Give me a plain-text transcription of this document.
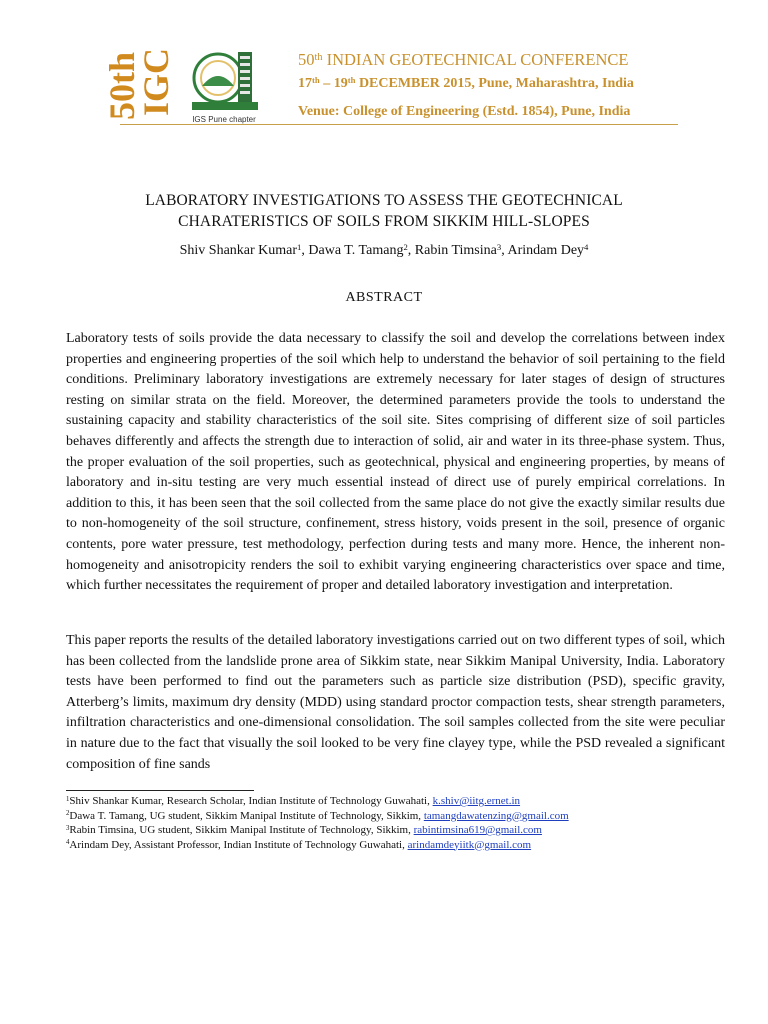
50th
IGC
IGS Pune chapter
50th INDIAN GEOTECHNICAL CONFERENCE
17th – 19th DECEMBER 2015, Pune, Maharashtra, India
Venue: College of Engineering (Estd. 1854), Pune, India
LABORATORY INVESTIGATIONS TO ASSESS THE GEOTECHNICAL
CHARATERISTICS OF SOILS FROM SIKKIM HILL-SLOPES
Shiv Shankar Kumar$^1$, Dawa T. Tamang$^2$, Rabin Timsina$^3$, Arindam Dey$^4$
ABSTRACT
Laboratory tests of soils provide the data necessary to classify the soil and develop the correlations between index properties and engineering properties of the soil which help to understand the behavior of soil pertaining to the field conditions. Preliminary laboratory investigations are extremely necessary for later stages of design of structures resting on similar strata on the field. Moreover, the determined parameters provide the tools to understand the sustaining capacity and stability characteristics of the soil site. Sites comprising of different size of soil particles behaves differently and affects the strength due to interaction of solid, air and water in its three-phase system. Thus, the proper evaluation of the soil properties, such as geotechnical, physical and engineering properties, by means of laboratory and in-situ testing are very much essential instead of direct use of purely empirical correlations. In addition to this, it has been seen that the soil collected from the same place do not give the exactly similar results due to non-homogeneity of the soil structure, confinement, stress history, voids present in the soil, presence of organic contents, pore water pressure, test methodology, perfection during tests and many more. Hence, the inherent non-homogeneity and anisotropicity renders the soil to exhibit varying engineering characteristics over space and time, which further necessitates the requirement of proper and detailed laboratory investigation and interpretation.
This paper reports the results of the detailed laboratory investigations carried out on two different types of soil, which has been collected from the landslide prone area of Sikkim state, near Sikkim Manipal University, India. Laboratory tests have been performed to find out the parameters such as particle size distribution (PSD), specific gravity, Atterberg’s limits, maximum dry density (MDD) using standard proctor compaction tests, shear strength parameters, infiltration characteristics and one-dimensional consolidation. The soil samples collected from the site were peculiar in nature due to the fact that visually the soil looked to be very fine clayey type, while the PSD revealed a significant composition of fine sands
$^1$Shiv Shankar Kumar, Research Scholar, Indian Institute of Technology Guwahati, k.shiv@iitg.ernet.in
$^2$Dawa T. Tamang, UG student, Sikkim Manipal Institute of Technology, Sikkim, tamangdawatenzing@gmail.com
$^3$Rabin Timsina, UG student, Sikkim Manipal Institute of Technology, Sikkim, rabintimsina619@gmail.com
$^4$Arindam Dey, Assistant Professor, Indian Institute of Technology Guwahati, arindamdeyiitk@gmail.com
